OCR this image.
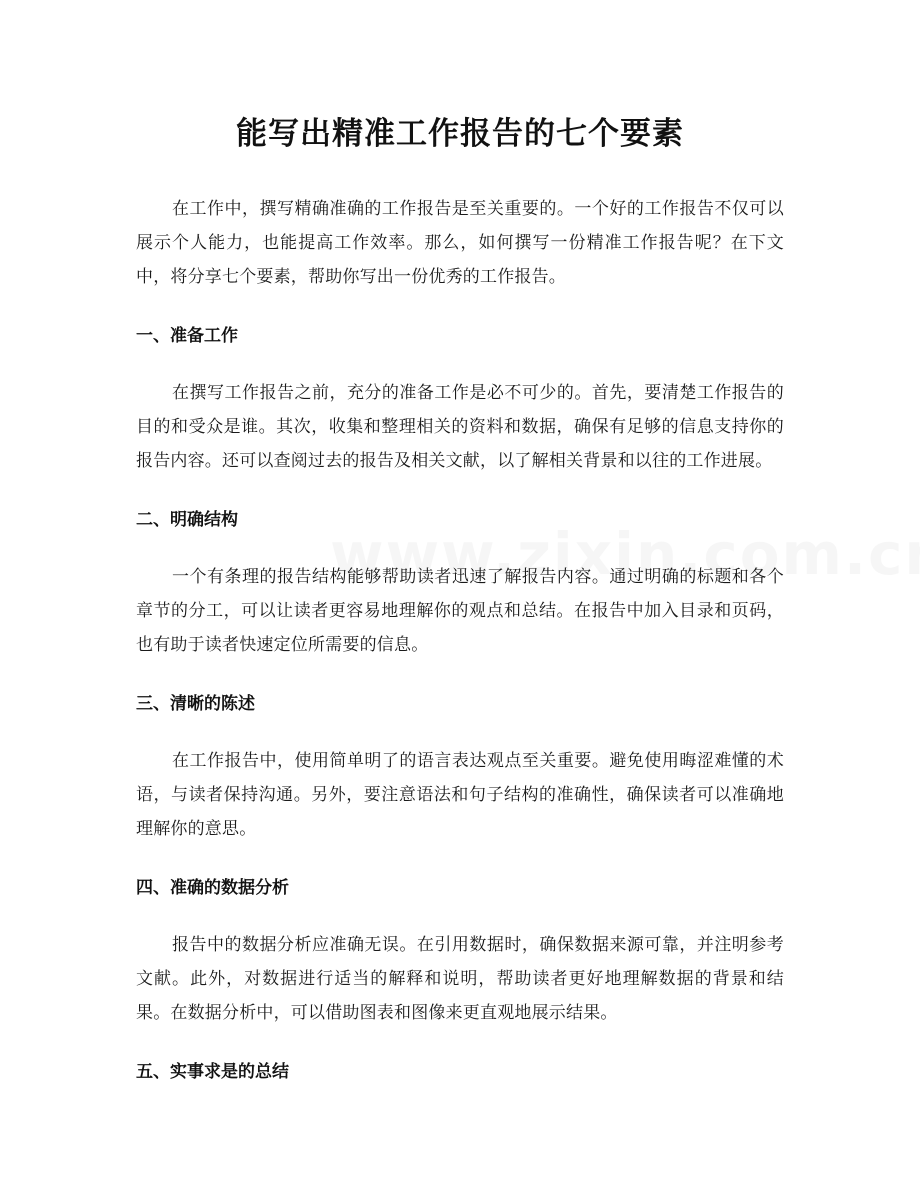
能写出精准工作报告的七个要素

在工作中，撰写精确准确的工作报告是至关重要的。一个好的工作报告不仅可以展示个人能力，也能提高工作效率。那么，如何撰写一份精准工作报告呢？在下文中，将分享七个要素，帮助你写出一份优秀的工作报告。

一、准备工作

在撰写工作报告之前，充分的准备工作是必不可少的。首先，要清楚工作报告的目的和受众是谁。其次，收集和整理相关的资料和数据，确保有足够的信息支持你的报告内容。还可以查阅过去的报告及相关文献，以了解相关背景和以往的工作进展。

二、明确结构

一个有条理的报告结构能够帮助读者迅速了解报告内容。通过明确的标题和各个章节的分工，可以让读者更容易地理解你的观点和总结。在报告中加入目录和页码，也有助于读者快速定位所需要的信息。

三、清晰的陈述

在工作报告中，使用简单明了的语言表达观点至关重要。避免使用晦涩难懂的术语，与读者保持沟通。另外，要注意语法和句子结构的准确性，确保读者可以准确地理解你的意思。

四、准确的数据分析

报告中的数据分析应准确无误。在引用数据时，确保数据来源可靠，并注明参考文献。此外，对数据进行适当的解释和说明，帮助读者更好地理解数据的背景和结果。在数据分析中，可以借助图表和图像来更直观地展示结果。

五、实事求是的总结
